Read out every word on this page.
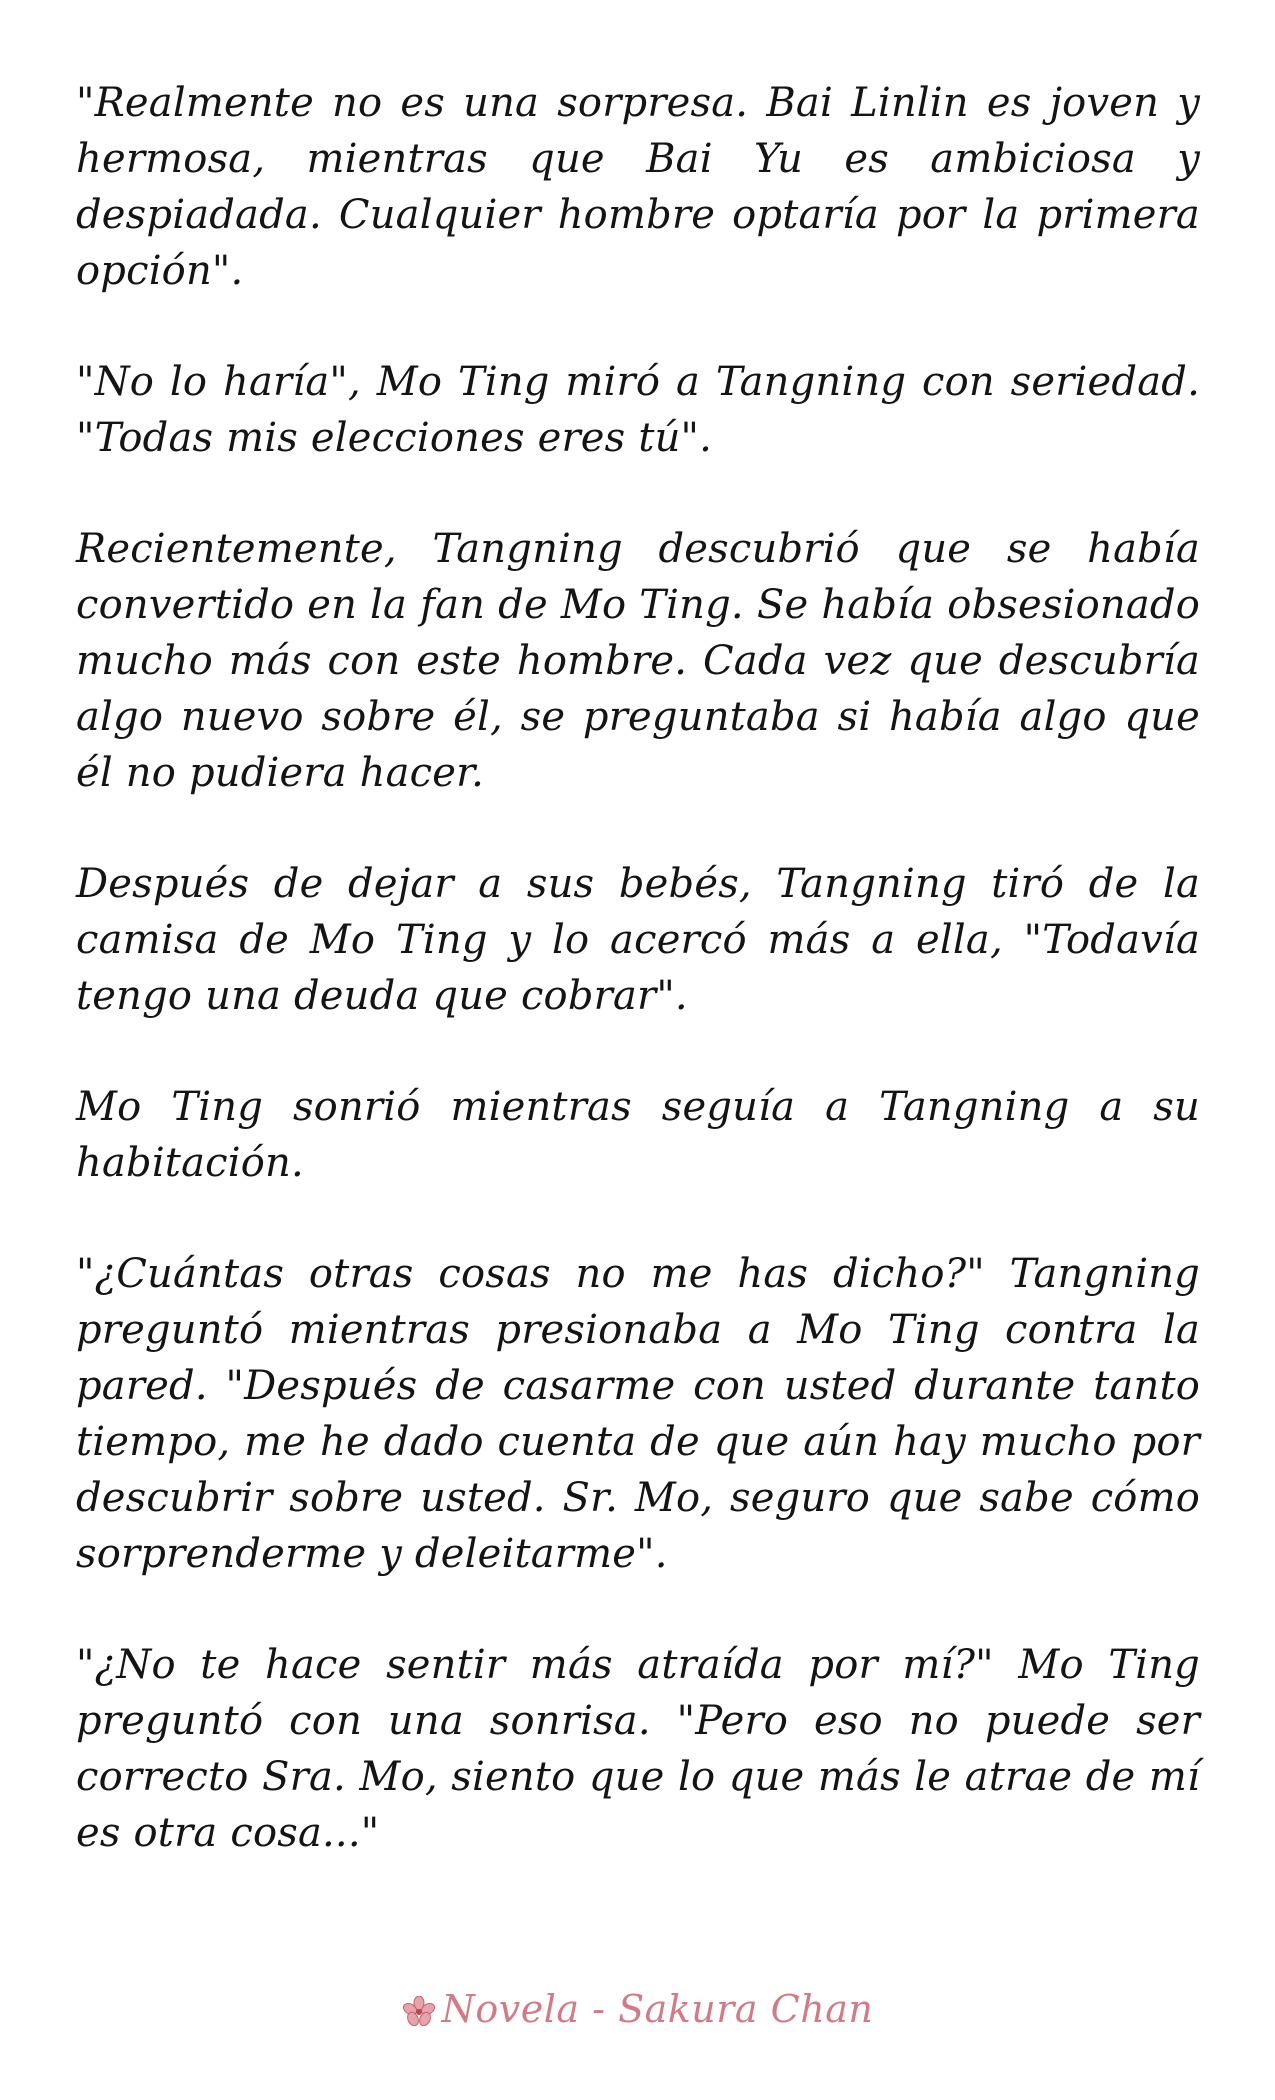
"Realmente no es una sorpresa. Bai Linlin es joven y hermosa, mientras que Bai Yu es ambiciosa y despiadada. Cualquier hombre optaría por la primera opción".

"No lo haría", Mo Ting miró a Tangning con seriedad. "Todas mis elecciones eres tú".

Recientemente, Tangning descubrió que se había convertido en la fan de Mo Ting. Se había obsesionado mucho más con este hombre. Cada vez que descubría algo nuevo sobre él, se preguntaba si había algo que él no pudiera hacer.

Después de dejar a sus bebés, Tangning tiró de la camisa de Mo Ting y lo acercó más a ella, "Todavía tengo una deuda que cobrar".

Mo Ting sonrió mientras seguía a Tangning a su habitación.

"¿Cuántas otras cosas no me has dicho?" Tangning preguntó mientras presionaba a Mo Ting contra la pared. "Después de casarme con usted durante tanto tiempo, me he dado cuenta de que aún hay mucho por descubrir sobre usted. Sr. Mo, seguro que sabe cómo sorprenderme y deleitarme".

"¿No te hace sentir más atraída por mí?" Mo Ting preguntó con una sonrisa. "Pero eso no puede ser correcto Sra. Mo, siento que lo que más le atrae de mí es otra cosa..."

Novela - Sakura Chan
